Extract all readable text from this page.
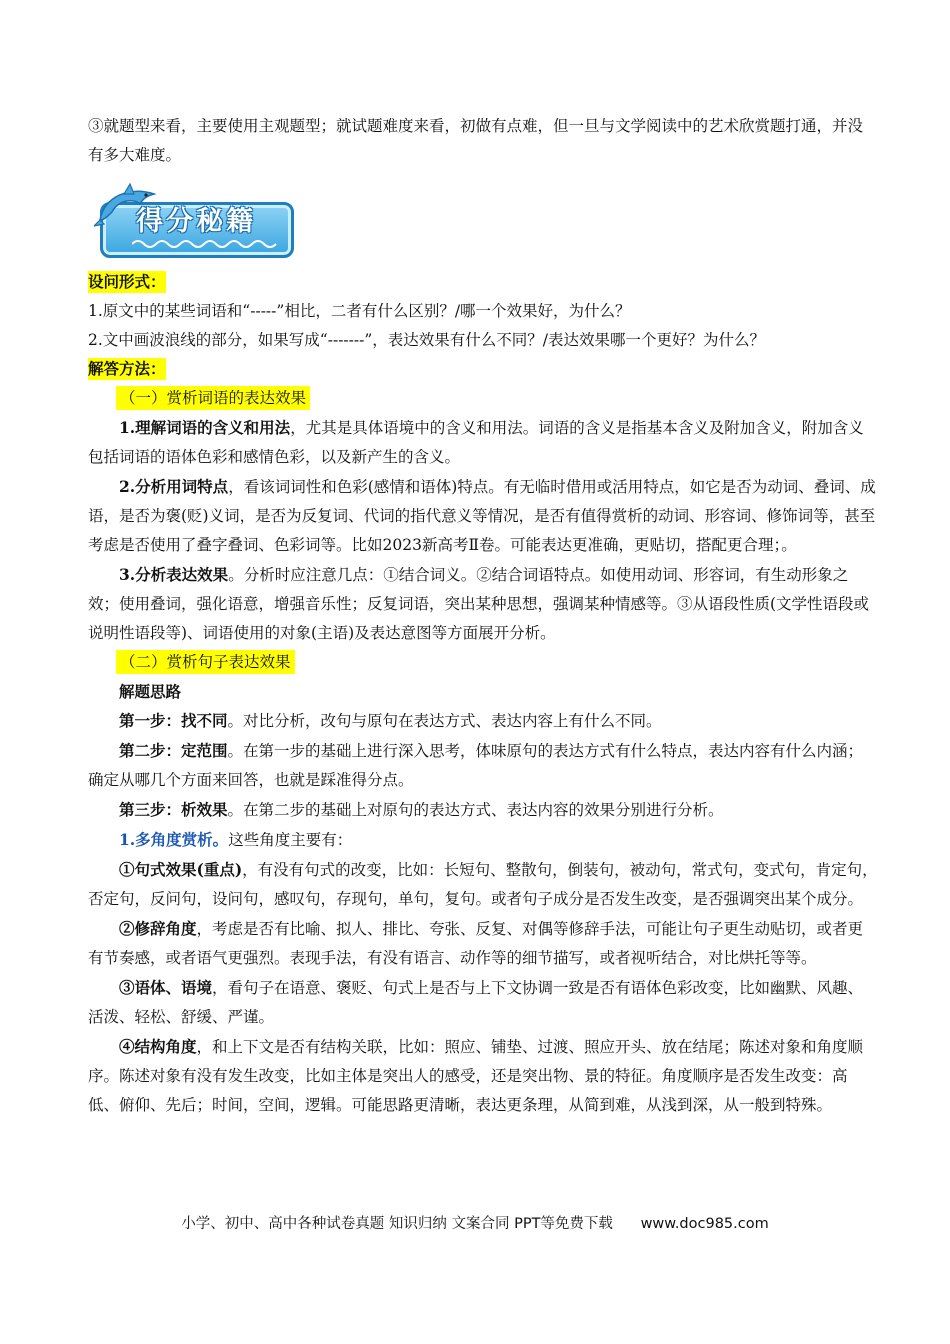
③就题型来看，主要使用主观题型；就试题难度来看，初做有点难，但一旦与文学阅读中的艺术欣赏题打通，并没有多大难度。

得分秘籍

设问形式：

1.原文中的某些词语和“-----”相比，二者有什么区别？/哪一个效果好，为什么？

2.文中画波浪线的部分，如果写成“-------”，表达效果有什么不同？/表达效果哪一个更好？为什么？

解答方法：

（一）赏析词语的表达效果

1.理解词语的含义和用法，尤其是具体语境中的含义和用法。词语的含义是指基本含义及附加含义，附加含义包括词语的语体色彩和感情色彩，以及新产生的含义。

2.分析用词特点，看该词词性和色彩(感情和语体)特点。有无临时借用或活用特点，如它是否为动词、叠词、成语，是否为褒(贬)义词，是否为反复词、代词的指代意义等情况，是否有值得赏析的动词、形容词、修饰词等，甚至考虑是否使用了叠字叠词、色彩词等。比如2023新高考Ⅱ卷。可能表达更准确，更贴切，搭配更合理；。

3.分析表达效果。分析时应注意几点：①结合词义。②结合词语特点。如使用动词、形容词，有生动形象之效；使用叠词，强化语意，增强音乐性；反复词语，突出某种思想，强调某种情感等。③从语段性质(文学性语段或说明性语段等)、词语使用的对象(主语)及表达意图等方面展开分析。

（二）赏析句子表达效果

解题思路

第一步：找不同。对比分析，改句与原句在表达方式、表达内容上有什么不同。

第二步：定范围。在第一步的基础上进行深入思考，体味原句的表达方式有什么特点，表达内容有什么内涵；确定从哪几个方面来回答，也就是踩准得分点。

第三步：析效果。在第二步的基础上对原句的表达方式、表达内容的效果分别进行分析。

1.多角度赏析。这些角度主要有：

①句式效果(重点)，有没有句式的改变，比如：长短句、整散句，倒装句，被动句，常式句，变式句，肯定句，否定句，反问句，设问句，感叹句，存现句，单句，复句。或者句子成分是否发生改变，是否强调突出某个成分。

②修辞角度，考虑是否有比喻、拟人、排比、夸张、反复、对偶等修辞手法，可能让句子更生动贴切，或者更有节奏感，或者语气更强烈。表现手法，有没有语言、动作等的细节描写，或者视听结合，对比烘托等等。

③语体、语境，看句子在语意、褒贬、句式上是否与上下文协调一致是否有语体色彩改变，比如幽默、风趣、活泼、轻松、舒缓、严谨。

④结构角度，和上下文是否有结构关联，比如：照应、铺垫、过渡、照应开头、放在结尾；陈述对象和角度顺序。陈述对象有没有发生改变，比如主体是突出人的感受，还是突出物、景的特征。角度顺序是否发生改变：高低、俯仰、先后；时间，空间，逻辑。可能思路更清晰，表达更条理，从简到难，从浅到深，从一般到特殊。

小学、初中、高中各种试卷真题 知识归纳 文案合同 PPT等免费下载 www.doc985.com
